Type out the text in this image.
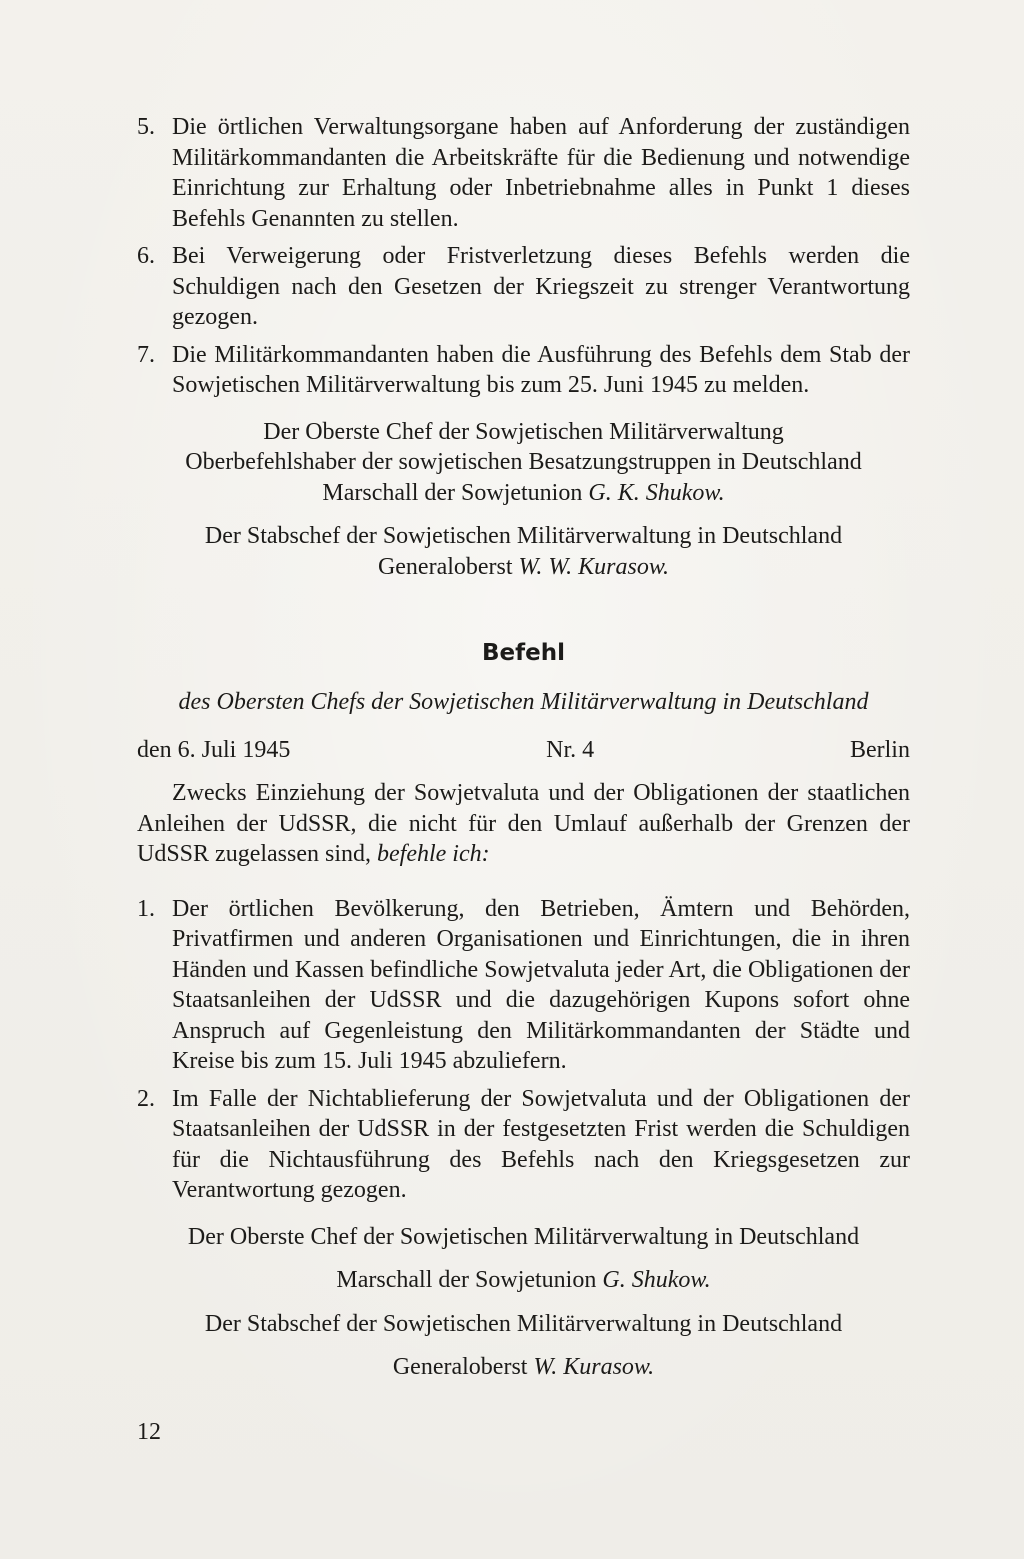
5. Die örtlichen Verwaltungsorgane haben auf Anforderung der zuständigen Militärkommandanten die Arbeitskräfte für die Bedienung und notwendige Einrichtung zur Erhaltung oder Inbetriebnahme alles in Punkt 1 dieses Befehls Genannten zu stellen.
6. Bei Verweigerung oder Fristverletzung dieses Befehls werden die Schuldigen nach den Gesetzen der Kriegszeit zu strenger Verantwortung gezogen.
7. Die Militärkommandanten haben die Ausführung des Befehls dem Stab der Sowjetischen Militärverwaltung bis zum 25. Juni 1945 zu melden.
Der Oberste Chef der Sowjetischen Militärverwaltung
Oberbefehlshaber der sowjetischen Besatzungstruppen in Deutschland
Marschall der Sowjetunion G. K. Shukow.
Der Stabschef der Sowjetischen Militärverwaltung in Deutschland
Generaloberst W. W. Kurasow.
Befehl
des Obersten Chefs der Sowjetischen Militärverwaltung in Deutschland
den 6. Juli 1945	Nr. 4	Berlin

Zwecks Einziehung der Sowjetvaluta und der Obligationen der staatlichen Anleihen der UdSSR, die nicht für den Umlauf außerhalb der Grenzen der UdSSR zugelassen sind, befehle ich:

1. Der örtlichen Bevölkerung, den Betrieben, Ämtern und Behörden, Privatfirmen und anderen Organisationen und Einrichtungen, die in ihren Händen und Kassen befindliche Sowjetvaluta jeder Art, die Obligationen der Staatsanleihen der UdSSR und die dazugehörigen Kupons sofort ohne Anspruch auf Gegenleistung den Militärkommandanten der Städte und Kreise bis zum 15. Juli 1945 abzuliefern.
2. Im Falle der Nichtablieferung der Sowjetvaluta und der Obligationen der Staatsanleihen der UdSSR in der festgesetzten Frist werden die Schuldigen für die Nichtausführung des Befehls nach den Kriegsgesetzen zur Verantwortung gezogen.
Der Oberste Chef der Sowjetischen Militärverwaltung in Deutschland
Marschall der Sowjetunion G. Shukow.
Der Stabschef der Sowjetischen Militärverwaltung in Deutschland
Generaloberst W. Kurasow.
12
